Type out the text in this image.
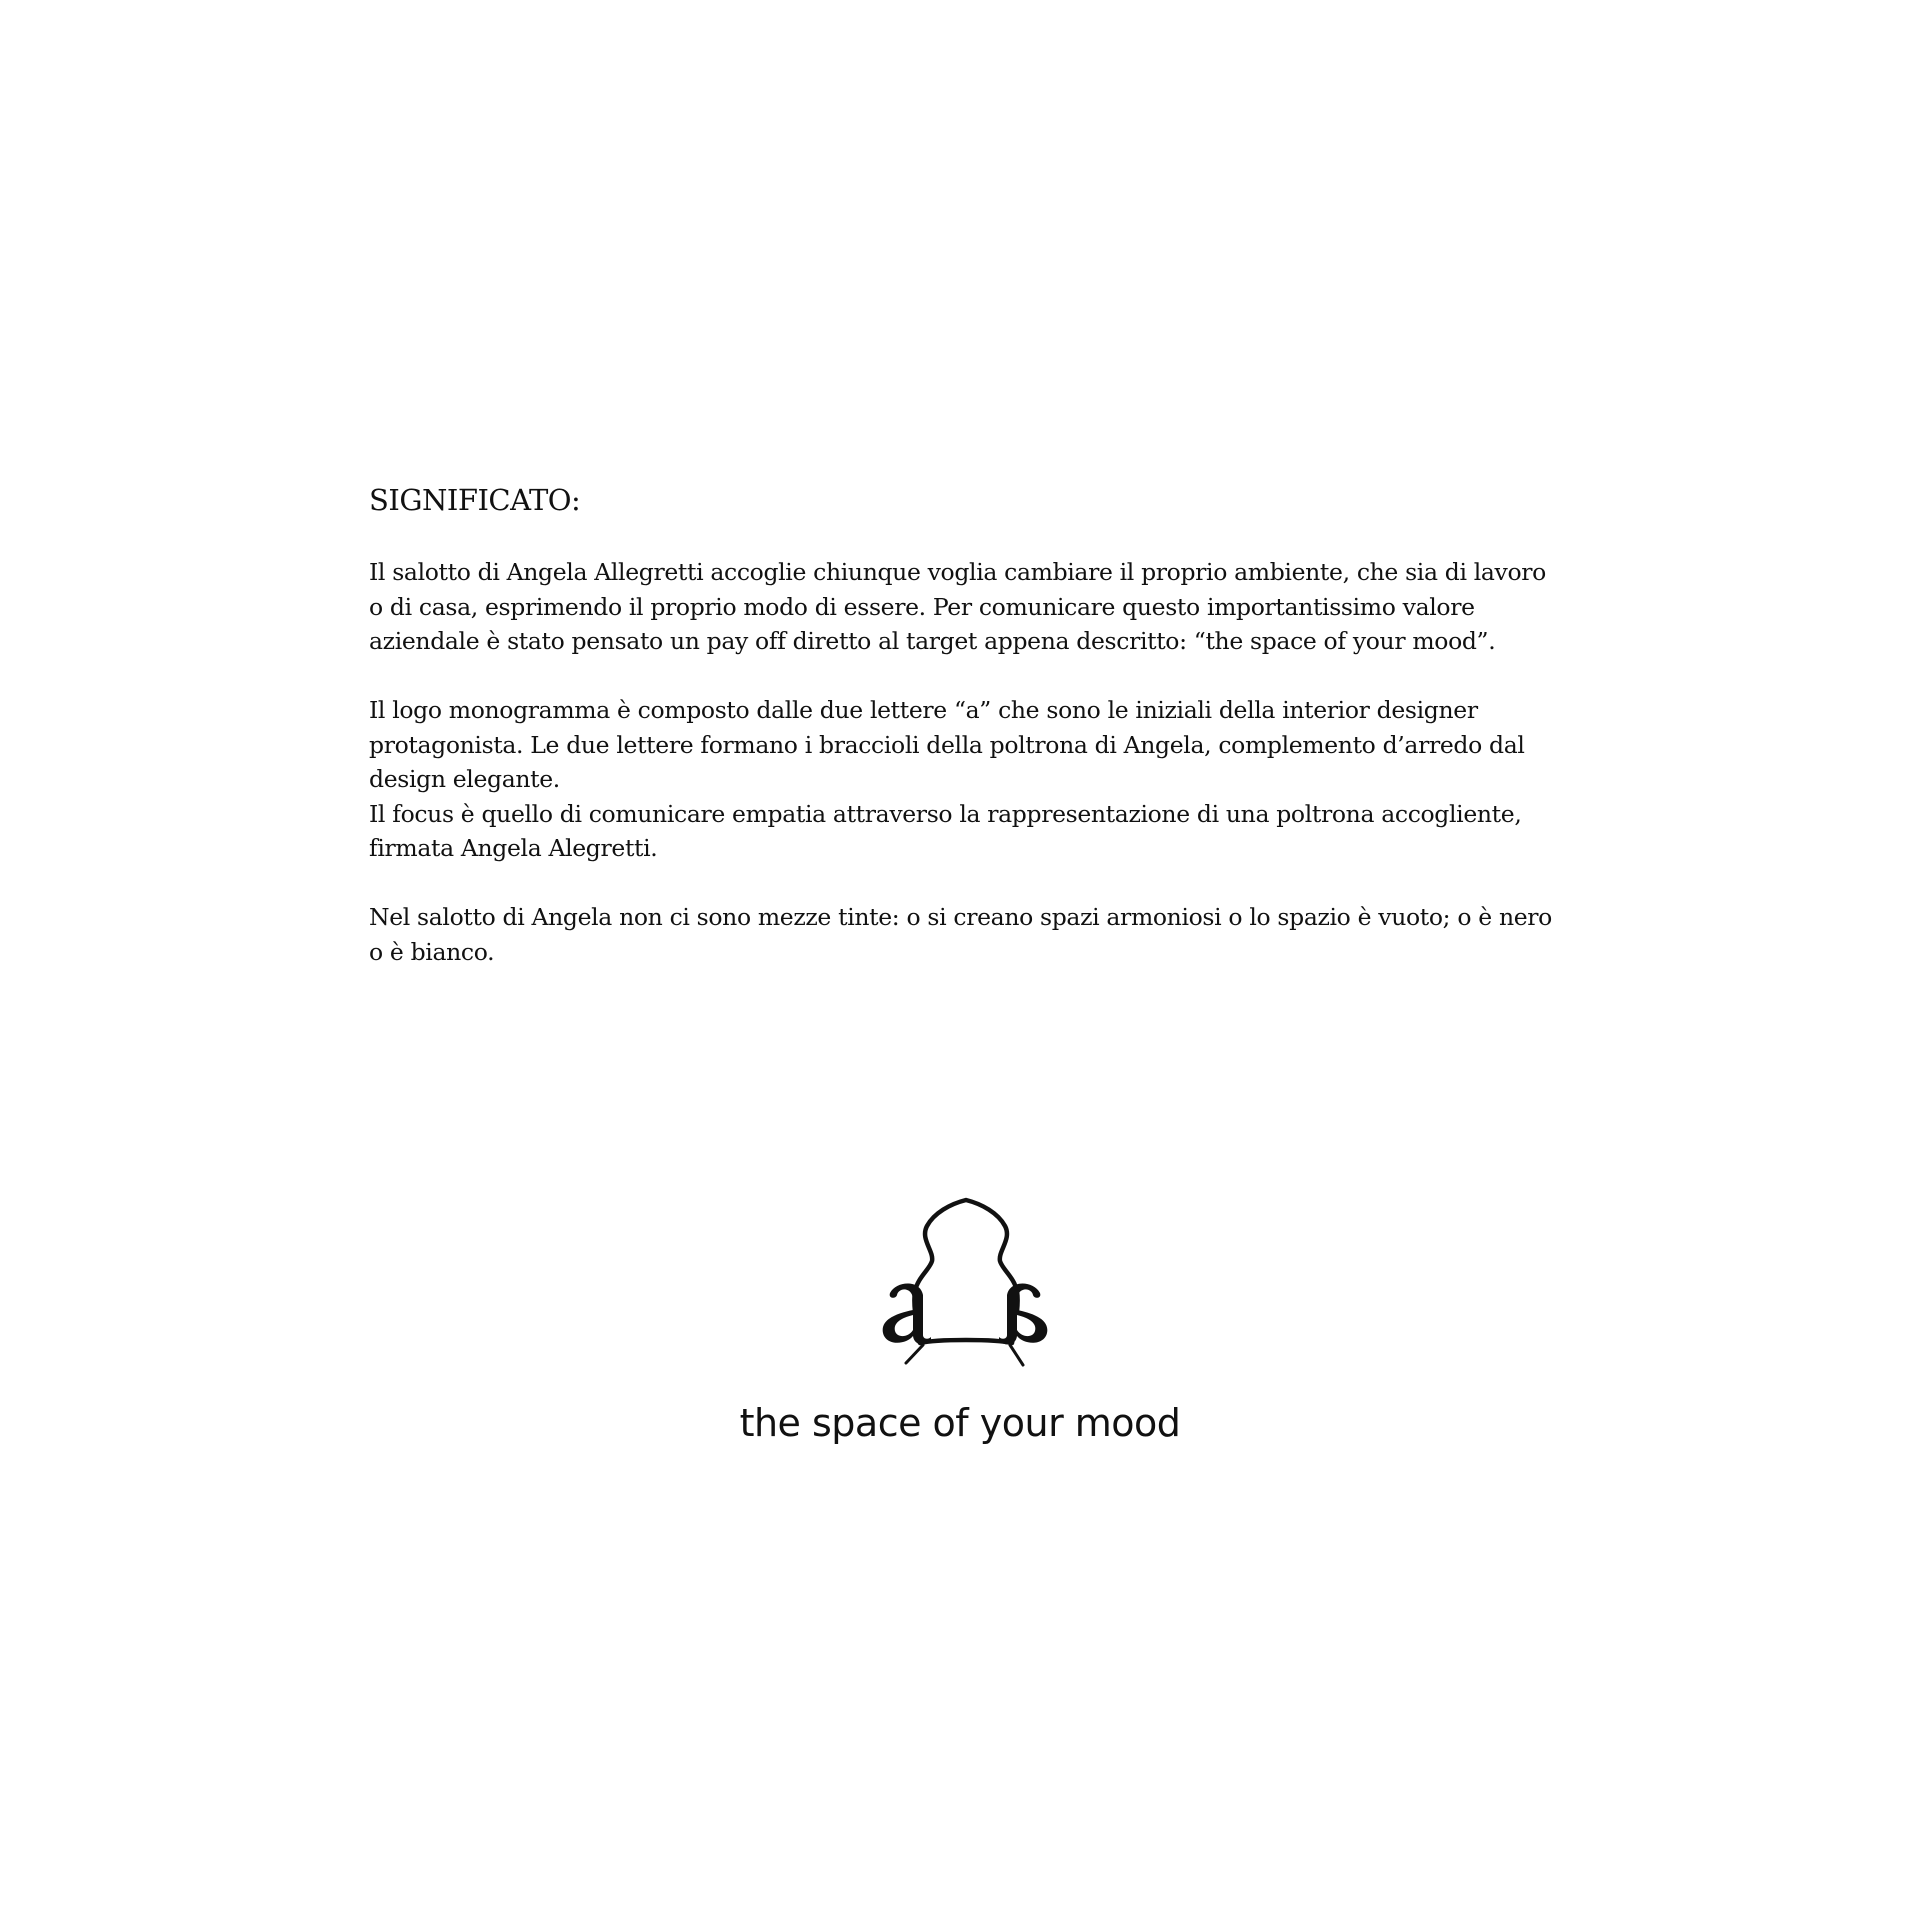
SIGNIFICATO:

Il salotto di Angela Allegretti accoglie chiunque voglia cambiare il proprio ambiente, che sia di lavoro
o di casa, esprimendo il proprio modo di essere. Per comunicare questo importantissimo valore
aziendale è stato pensato un pay off diretto al target appena descritto: “the space of your mood”.

Il logo monogramma è composto dalle due lettere “a” che sono le iniziali della interior designer
protagonista. Le due lettere formano i braccioli della poltrona di Angela, complemento d’arredo dal
design elegante.
Il focus è quello di comunicare empatia attraverso la rappresentazione di una poltrona accogliente,
firmata Angela Alegretti.

Nel salotto di Angela non ci sono mezze tinte: o si creano spazi armoniosi o lo spazio è vuoto; o è nero
o è bianco.

the space of your mood
